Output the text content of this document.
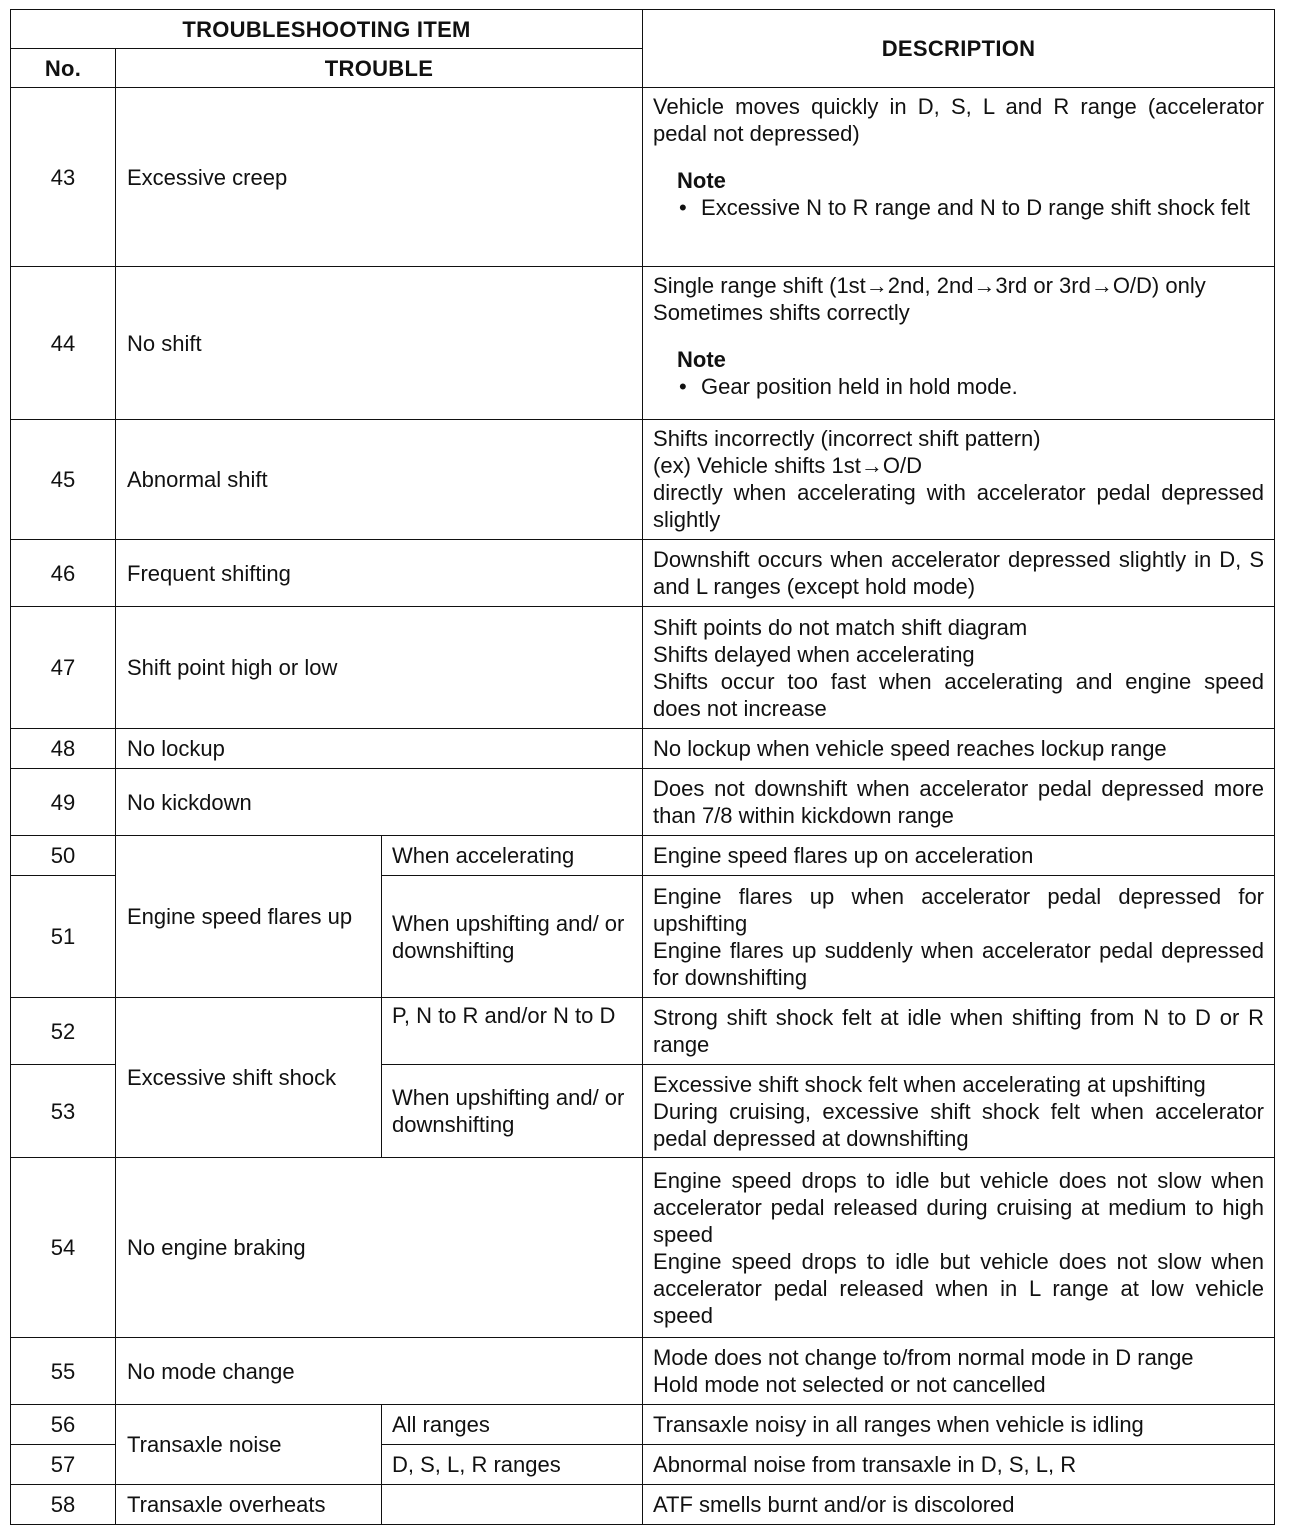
TROUBLESHOOTING ITEM			DESCRIPTION
No.	TROUBLE		
43	Excessive creep		Vehicle moves quickly in D, S, L and R range (accelerator pedal not depressed)
Note
• Excessive N to R range and N to D range shift shock felt

44	No shift		Single range shift (1st→2nd, 2nd→3rd or 3rd→O/D) only
Sometimes shifts correctly
Note
• Gear position held in hold mode.

45	Abnormal shift		Shifts incorrectly (incorrect shift pattern)
(ex) Vehicle shifts 1st→O/D
directly when accelerating with accelerator pedal depressed slightly

46	Frequent shifting		Downshift occurs when accelerator depressed slightly in D, S and L ranges (except hold mode)

47	Shift point high or low		Shift points do not match shift diagram
Shifts delayed when accelerating
Shifts occur too fast when accelerating and engine speed does not increase

48	No lockup		No lockup when vehicle speed reaches lockup range

49	No kickdown		Does not downshift when accelerator pedal depressed more than 7/8 within kickdown range

50	Engine speed flares up	When accelerating	Engine speed flares up on acceleration

51		When upshifting and/ or downshifting	Engine flares up when accelerator pedal depressed for upshifting
Engine flares up suddenly when accelerator pedal depressed for downshifting

52	Excessive shift shock	P, N to R and/or N to D	Strong shift shock felt at idle when shifting from N to D or R range

53		When upshifting and/ or downshifting	Excessive shift shock felt when accelerating at upshifting
During cruising, excessive shift shock felt when accelerator pedal depressed at downshifting

54	No engine braking		Engine speed drops to idle but vehicle does not slow when accelerator pedal released during cruising at medium to high speed
Engine speed drops to idle but vehicle does not slow when accelerator pedal released when in L range at low vehicle speed

55	No mode change		Mode does not change to/from normal mode in D range
Hold mode not selected or not cancelled

56	Transaxle noise	All ranges	Transaxle noisy in all ranges when vehicle is idling

57		D, S, L, R ranges	Abnormal noise from transaxle in D, S, L, R

58	Transaxle overheats		ATF smells burnt and/or is discolored
